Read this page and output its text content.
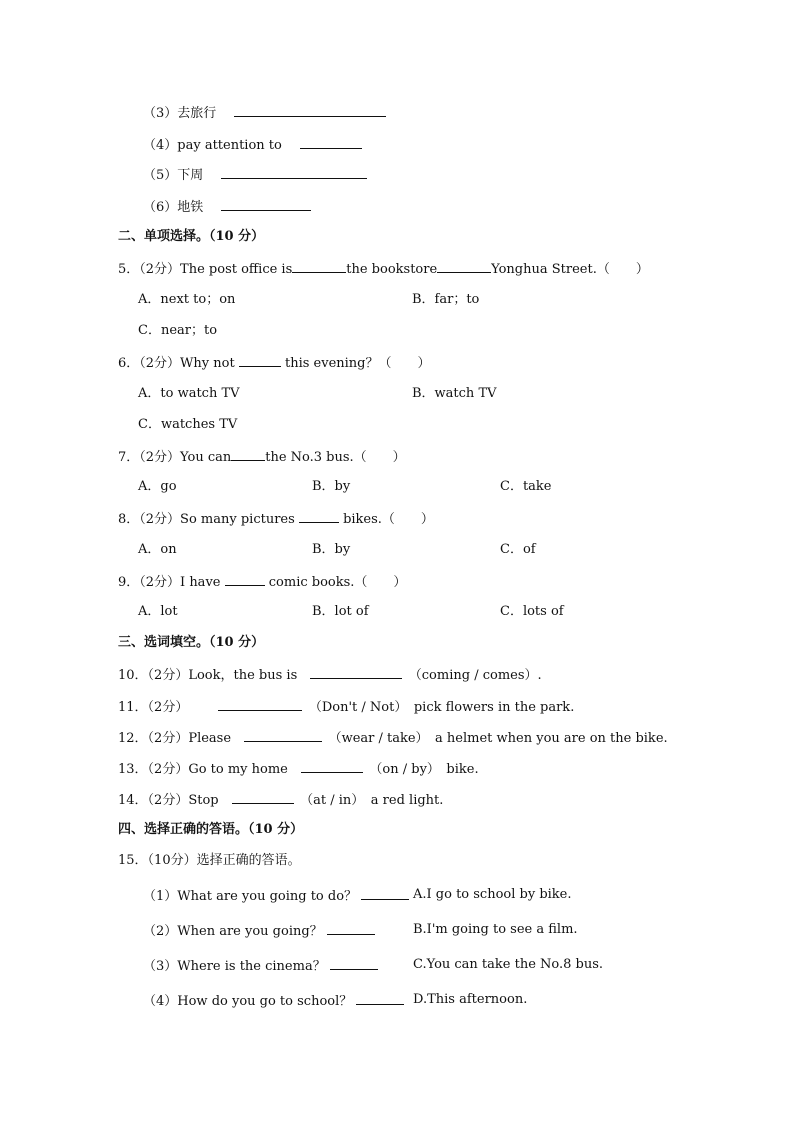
（3）去旅行
（4）pay attention to
（5）下周
（6）地铁
二、单项选择。（10 分）
5．（2分）The post office is	the bookstore	Yonghua Street.（　　）
A．next to；on	B．far；to
C．near；to
6．（2分）Why not	this evening？（　　）
A．to watch TV	B．watch TV
C．watches TV
7．（2分）You can	the No.3 bus.（　　）
A．go	B．by	C．take
8．（2分）So many pictures	bikes.（　　）
A．on	B．by	C．of
9．（2分）I have	comic books.（　　）
A．lot	B．lot of	C．lots of
三、选词填空。（10 分）
10．（2分）Look，the bus is　　	（coming / comes）.
11．（2分）　	（Don't / Not）　pick flowers in the park.
12．（2分）Please　　	（wear / take）　a helmet when you are on the bike.
13．（2分）Go to my home　　	（on / by）　bike.
14．（2分）Stop　　	（at / in）　a red light.
四、选择正确的答语。（10 分）
15．（10分）选择正确的答语。
（1）What are you going to do？	A.I go to school by bike.
（2）When are you going？	B.I'm going to see a film.
（3）Where is the cinema？	C.You can take the No.8 bus.
（4）How do you go to school？	D.This afternoon.
